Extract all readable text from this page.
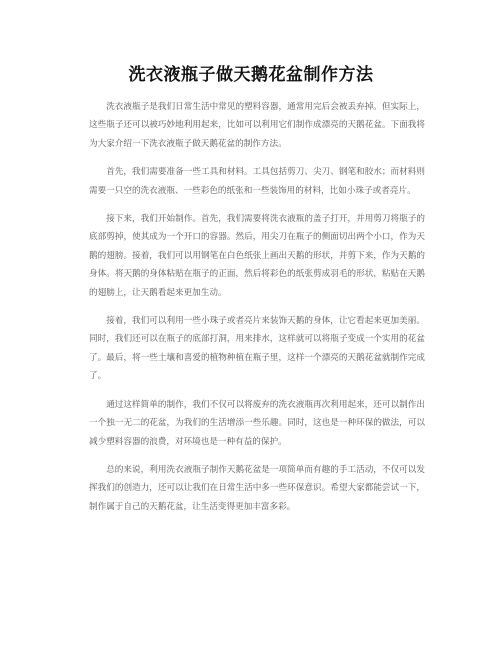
洗衣液瓶子做天鹅花盆制作方法

洗衣液瓶子是我们日常生活中常见的塑料容器，通常用完后会被丢弃掉。但实际上，这些瓶子还可以被巧妙地利用起来，比如可以利用它们制作成漂亮的天鹅花盆。下面我将为大家介绍一下洗衣液瓶子做天鹅花盆的制作方法。

首先，我们需要准备一些工具和材料。工具包括剪刀、尖刀、钢笔和胶水；而材料则需要一只空的洗衣液瓶、一些彩色的纸张和一些装饰用的材料，比如小珠子或者亮片。

接下来，我们开始制作。首先，我们需要将洗衣液瓶的盖子打开，并用剪刀将瓶子的底部剪掉，使其成为一个开口的容器。然后，用尖刀在瓶子的侧面切出两个小口，作为天鹅的翅膀。接着，我们可以用钢笔在白色纸张上画出天鹅的形状，并剪下来，作为天鹅的身体。将天鹅的身体粘贴在瓶子的正面，然后将彩色的纸张剪成羽毛的形状，粘贴在天鹅的翅膀上，让天鹅看起来更加生动。

接着，我们可以利用一些小珠子或者亮片来装饰天鹅的身体，让它看起来更加美丽。同时，我们还可以在瓶子的底部打洞，用来排水，这样就可以将瓶子变成一个实用的花盆了。最后，将一些土壤和喜爱的植物种植在瓶子里，这样一个漂亮的天鹅花盆就制作完成了。

通过这样简单的制作，我们不仅可以将废弃的洗衣液瓶再次利用起来，还可以制作出一个独一无二的花盆，为我们的生活增添一些乐趣。同时，这也是一种环保的做法，可以减少塑料容器的浪费，对环境也是一种有益的保护。

总的来说，利用洗衣液瓶子制作天鹅花盆是一项简单而有趣的手工活动，不仅可以发挥我们的创造力，还可以让我们在日常生活中多一些环保意识。希望大家都能尝试一下，制作属于自己的天鹅花盆，让生活变得更加丰富多彩。
